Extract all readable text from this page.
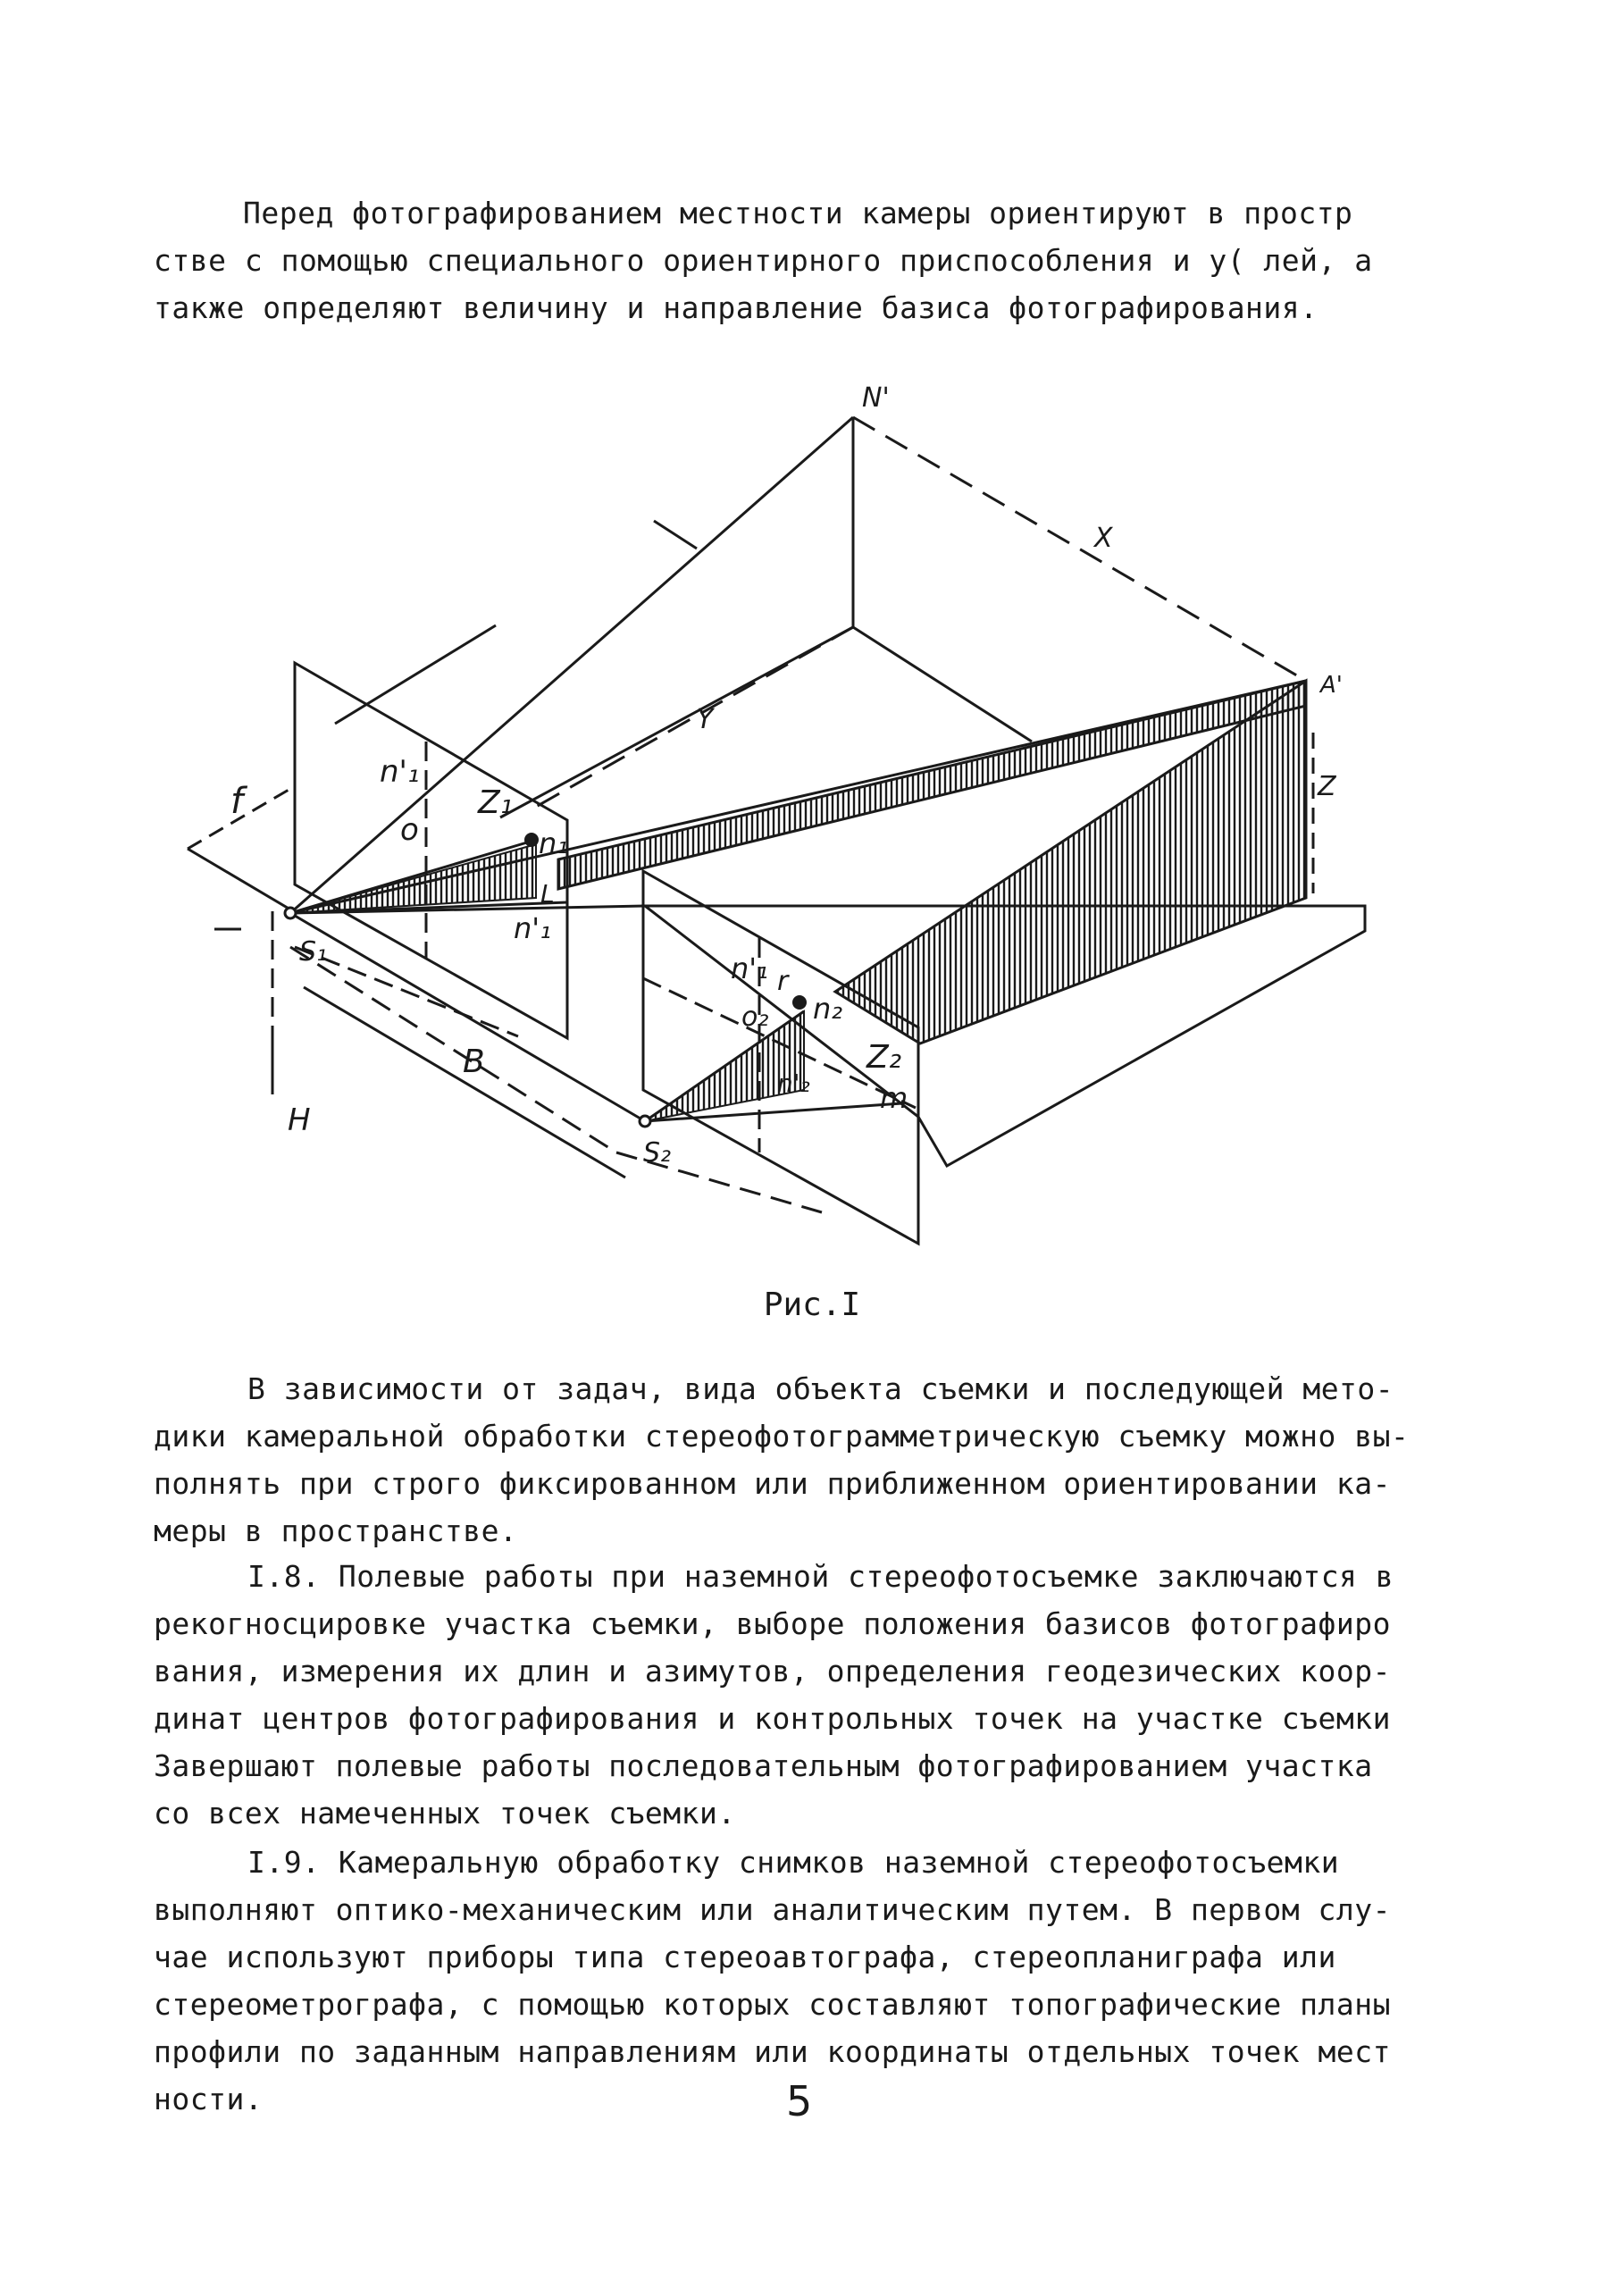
Перед фотографированием местности камеры ориентируют в простр
стве с помощью специального ориентирного приспособления и у( лей, а
также определяют величину и направление базиса фотографирования.
N'
X
Y
A'
Z
f
n'₁
o
Z₁
n₁
L
n'₁
S₁
B
H
n'₁ r
o₂ n₂
Z₂
n'₂ m
S₂
Рис.I
В зависимости от задач, вида объекта съемки и последующей мето-
дики камеральной обработки стереофотограмметрическую съемку можно вы-
полнять при строго фиксированном или приближенном ориентировании ка-
меры в пространстве.
I.8. Полевые работы при наземной стереофотосъемке заключаются в
рекогносцировке участка съемки, выборе положения базисов фотографиро
вания, измерения их длин и азимутов, определения геодезических коор-
динат центров фотографирования и контрольных точек на участке съемки
Завершают полевые работы последовательным фотографированием участка
со всех намеченных точек съемки.
I.9. Камеральную обработку снимков наземной стереофотосъемки
выполняют оптико-механическим или аналитическим путем. В первом слу-
чае используют приборы типа стереоавтографа, стереопланиграфа или
стереометрографа, с помощью которых составляют топографические планы
профили по заданным направлениям или координаты отдельных точек мест
ности.	5
